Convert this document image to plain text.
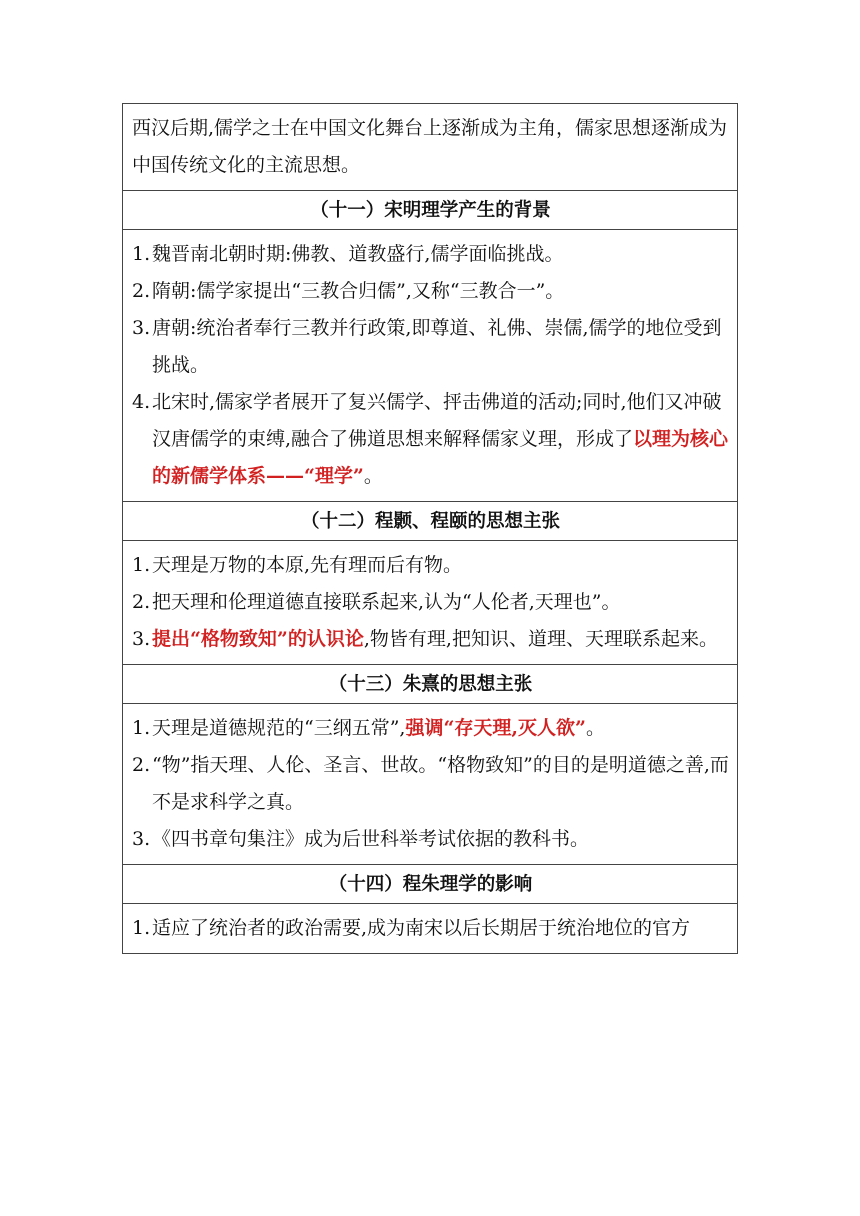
西汉后期,儒学之士在中国文化舞台上逐渐成为主角，儒家思想逐渐成为中国传统文化的主流思想。
（十一）宋明理学产生的背景
1.魏晋南北朝时期:佛教、道教盛行,儒学面临挑战。
2.隋朝:儒学家提出“三教合归儒”,又称“三教合一”。
3.唐朝:统治者奉行三教并行政策,即尊道、礼佛、崇儒,儒学的地位受到挑战。
4.北宋时,儒家学者展开了复兴儒学、抨击佛道的活动;同时,他们又冲破汉唐儒学的束缚,融合了佛道思想来解释儒家义理，形成了以理为核心的新儒学体系——“理学”。
（十二）程颢、程颐的思想主张
1.天理是万物的本原,先有理而后有物。
2.把天理和伦理道德直接联系起来,认为“人伦者,天理也”。
3.提出“格物致知”的认识论,物皆有理,把知识、道理、天理联系起来。
（十三）朱熹的思想主张
1.天理是道德规范的“三纲五常”,强调“存天理,灭人欲”。
2.“物”指天理、人伦、圣言、世故。“格物致知”的目的是明道德之善,而不是求科学之真。
3.《四书章句集注》成为后世科举考试依据的教科书。
（十四）程朱理学的影响
1.适应了统治者的政治需要,成为南宋以后长期居于统治地位的官方
